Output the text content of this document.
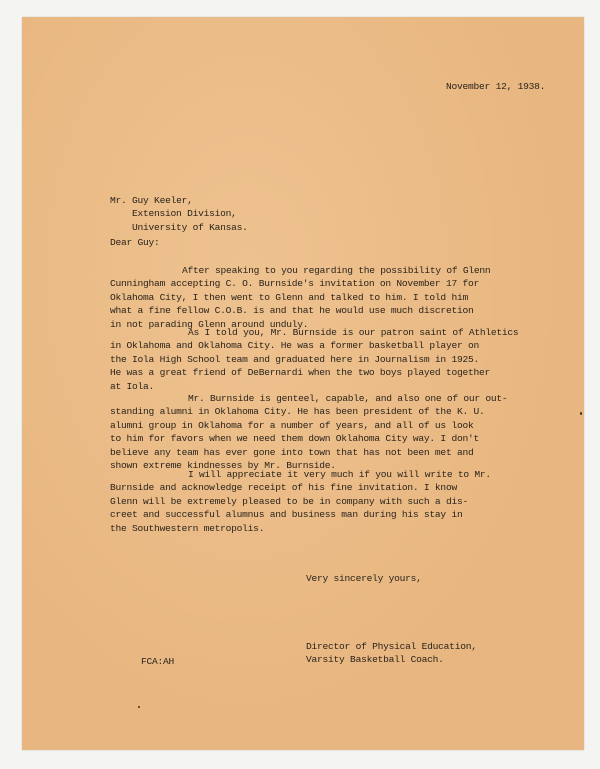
November 12, 1938.
Mr. Guy Keeler,
Extension Division,
University of Kansas.
Dear Guy:
After speaking to you regarding the possibility of Glenn
Cunningham accepting C. O. Burnside's invitation on November 17 for
Oklahoma City, I then went to Glenn and talked to him. I told him
what a fine fellow C.O.B. is and that he would use much discretion
in not parading Glenn around unduly.
As I told you, Mr. Burnside is our patron saint of Athletics
in Oklahoma and Oklahoma City. He was a former basketball player on
the Iola High School team and graduated here in Journalism in 1925.
He was a great friend of DeBernardi when the two boys played together
at Iola.
Mr. Burnside is genteel, capable, and also one of our out-
standing alumni in Oklahoma City. He has been president of the K. U.
alumni group in Oklahoma for a number of years, and all of us look
to him for favors when we need them down Oklahoma City way. I don't
believe any team has ever gone into town that has not been met and
shown extreme kindnesses by Mr. Burnside.
I will appreciate it very much if you will write to Mr.
Burnside and acknowledge receipt of his fine invitation. I know
Glenn will be extremely pleased to be in company with such a dis-
creet and successful alumnus and business man during his stay in
the Southwestern metropolis.
Very sincerely yours,
Director of Physical Education,
Varsity Basketball Coach.
FCA:AH
